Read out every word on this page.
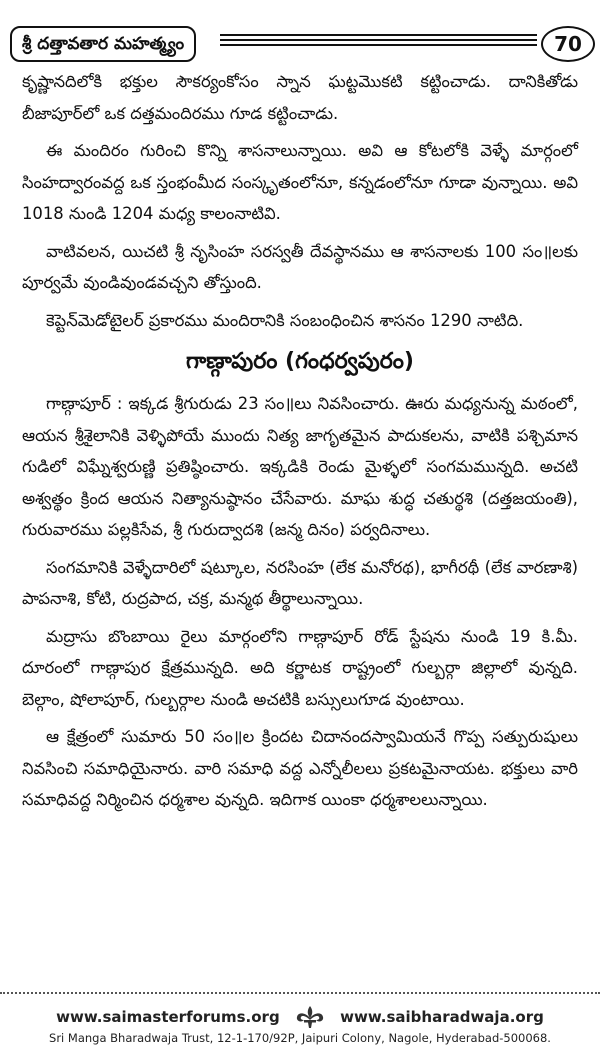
శ్రీ దత్తావతార మహత్మ్యం	70

కృష్ణానదిలోకి భక్తుల సౌకర్యంకోసం స్నాన ఘట్టమొకటి కట్టించాడు. దానికితోడు బీజాపూర్‌లో ఒక దత్తమందిరము గూడ కట్టించాడు.

ఈ మందిరం గురించి కొన్ని శాసనాలున్నాయి. అవి ఆ కోటలోకి వెళ్ళే మార్గంలో సింహద్వారంవద్ద ఒక స్తంభంమీద సంస్కృతంలోనూ, కన్నడంలోనూ గూడా వున్నాయి. అవి 1018 నుండి 1204 మధ్య కాలంనాటివి.

వాటివలన, యిచటి శ్రీ నృసింహ సరస్వతీ దేవస్థానము ఆ శాసనాలకు 100 సం॥లకు పూర్వమే వుండివుండవచ్చని తోస్తుంది.

కెప్టెన్‌మెడోటైలర్ ప్రకారము మందిరానికి సంబంధించిన శాసనం 1290 నాటిది.

గాణ్గాపురం (గంధర్వపురం)

గాణ్గాపూర్ : ఇక్కడ శ్రీగురుడు 23 సం॥లు నివసించారు. ఊరు మధ్యనున్న మఠంలో, ఆయన శ్రీశైలానికి వెళ్ళిపోయే ముందు నిత్య జాగృతమైన పాదుకలను, వాటికి పశ్చిమాన గుడిలో విఘ్నేశ్వరుణ్ణి ప్రతిష్ఠించారు. ఇక్కడికి రెండు మైళ్ళలో సంగమమున్నది. అచటి అశ్వత్థం క్రింద ఆయన నిత్యానుష్ఠానం చేసేవారు. మాఘ శుద్ధ చతుర్థశి (దత్తజయంతి), గురువారము పల్లకిసేవ, శ్రీ గురుద్వాదశి (జన్మ దినం) పర్వదినాలు.

సంగమానికి వెళ్ళేదారిలో షట్కూల, నరసింహ (లేక మనోరథ), భాగీరథీ (లేక వారణాశి) పాపనాశి, కోటి, రుద్రపాద, చక్ర, మన్మథ తీర్థాలున్నాయి.

మద్రాసు బొంబాయి రైలు మార్గంలోని గాణ్గాపూర్ రోడ్ స్టేషను నుండి 19 కి.మీ. దూరంలో గాణ్గాపుర క్షేత్రమున్నది. అది కర్ణాటక రాష్ట్రంలో గుల్బర్గా జిల్లాలో వున్నది. బెల్గాం, షోలాపూర్, గుల్బర్గాల నుండి అచటికి బస్సులుగూడ వుంటాయి.

ఆ క్షేత్రంలో సుమారు 50 సం॥ల క్రిందట చిదానందస్వామియనే గొప్ప సత్పురుషులు నివసించి సమాధియైనారు. వారి సమాధి వద్ద ఎన్నోలీలలు ప్రకటమైనాయట. భక్తులు వారి సమాధివద్ద నిర్మించిన ధర్మశాల వున్నది. ఇదిగాక యింకా ధర్మశాలలున్నాయి.

www.saimasterforums.org	www.saibharadwaja.org
Sri Manga Bharadwaja Trust, 12-1-170/92P, Jaipuri Colony, Nagole, Hyderabad-500068.
